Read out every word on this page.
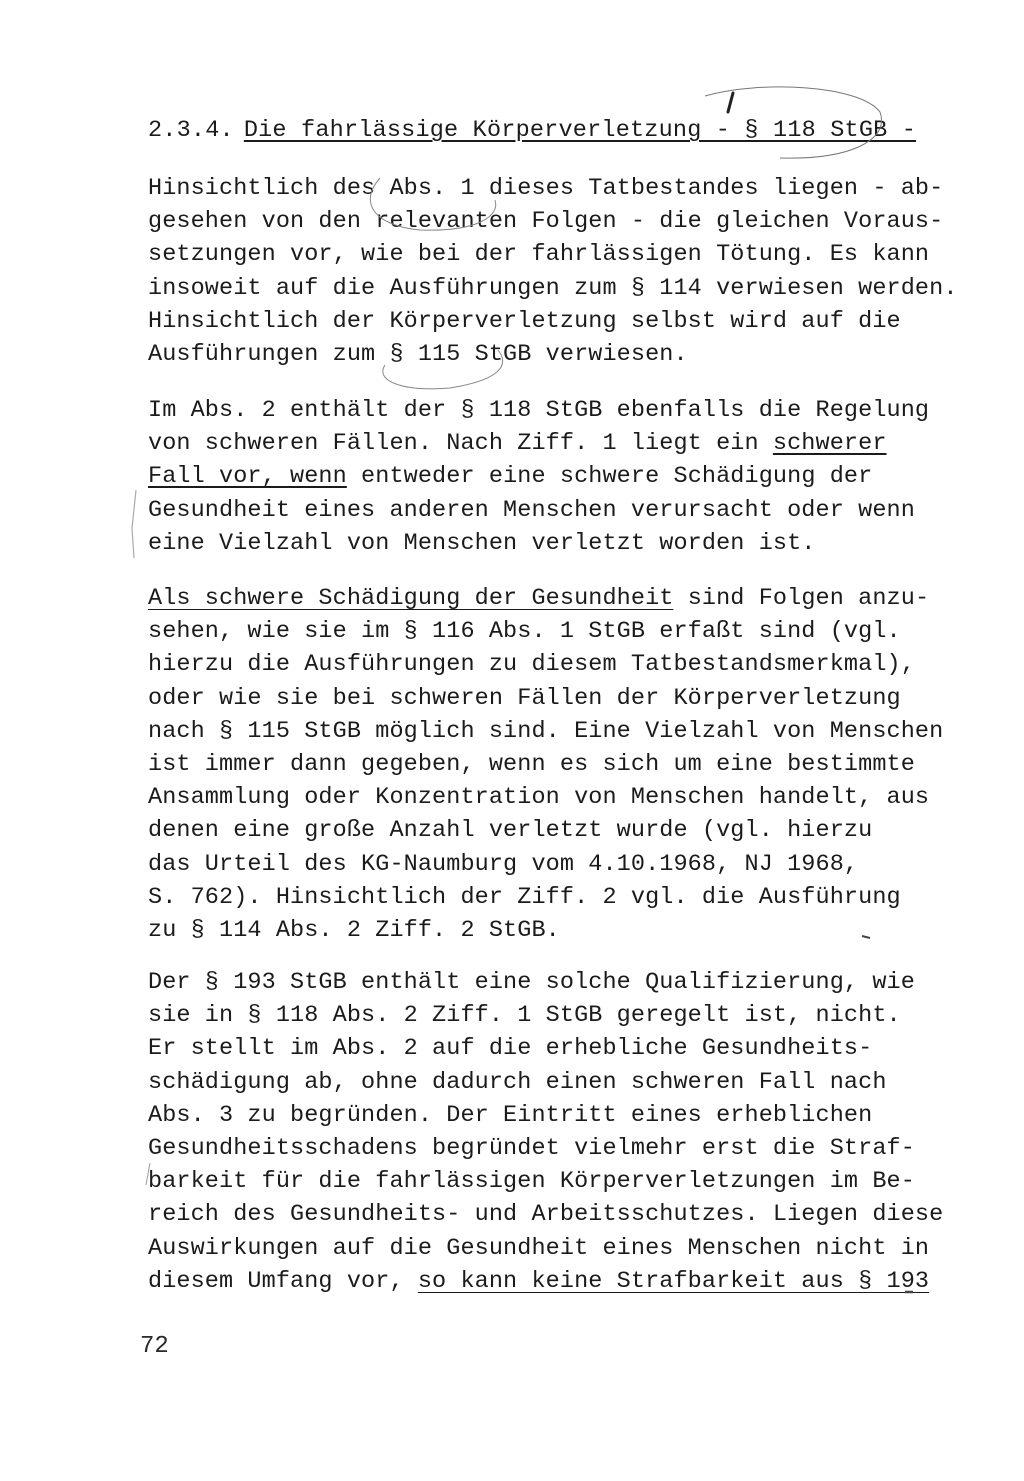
2.3.4. Die fahrlässige Körperverletzung - § 118 StGB -
Hinsichtlich des Abs. 1 dieses Tatbestandes liegen - ab-
gesehen von den relevanten Folgen - die gleichen Voraus-
setzungen vor, wie bei der fahrlässigen Tötung. Es kann
insoweit auf die Ausführungen zum § 114 verwiesen werden.
Hinsichtlich der Körperverletzung selbst wird auf die
Ausführungen zum § 115 StGB verwiesen.
Im Abs. 2 enthält der § 118 StGB ebenfalls die Regelung
von schweren Fällen. Nach Ziff. 1 liegt ein schwerer
Fall vor, wenn entweder eine schwere Schädigung der
Gesundheit eines anderen Menschen verursacht oder wenn
eine Vielzahl von Menschen verletzt worden ist.
Als schwere Schädigung der Gesundheit sind Folgen anzu-
sehen, wie sie im § 116 Abs. 1 StGB erfaßt sind (vgl.
hierzu die Ausführungen zu diesem Tatbestandsmerkmal),
oder wie sie bei schweren Fällen der Körperverletzung
nach § 115 StGB möglich sind. Eine Vielzahl von Menschen
ist immer dann gegeben, wenn es sich um eine bestimmte
Ansammlung oder Konzentration von Menschen handelt, aus
denen eine große Anzahl verletzt wurde (vgl. hierzu
das Urteil des KG-Naumburg vom 4.10.1968, NJ 1968,
S. 762). Hinsichtlich der Ziff. 2 vgl. die Ausführung
zu § 114 Abs. 2 Ziff. 2 StGB.
Der § 193 StGB enthält eine solche Qualifizierung, wie
sie in § 118 Abs. 2 Ziff. 1 StGB geregelt ist, nicht.
Er stellt im Abs. 2 auf die erhebliche Gesundheits-
schädigung ab, ohne dadurch einen schweren Fall nach
Abs. 3 zu begründen. Der Eintritt eines erheblichen
Gesundheitsschadens begründet vielmehr erst die Straf-
barkeit für die fahrlässigen Körperverletzungen im Be-
reich des Gesundheits- und Arbeitsschutzes. Liegen diese
Auswirkungen auf die Gesundheit eines Menschen nicht in
diesem Umfang vor, so kann keine Strafbarkeit aus § 193
72
